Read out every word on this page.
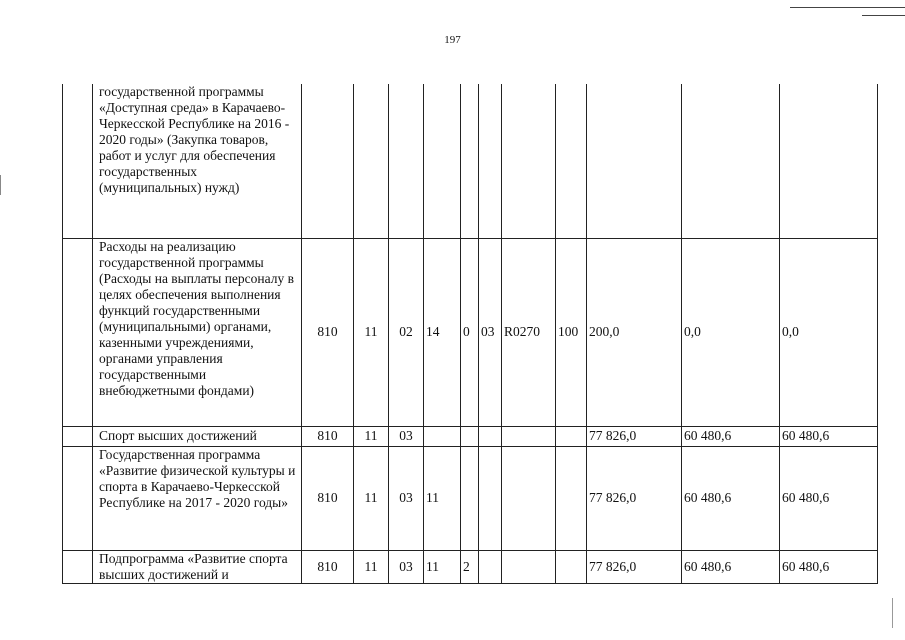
197
	государственной программы «Доступная среда» в Карачаево-Черкесской Республике на 2016 - 2020 годы» (Закупка товаров, работ и услуг для обеспечения государственных (муниципальных) нужд)											
	Расходы на реализацию государственной программы (Расходы на выплаты персоналу в целях обеспечения выполнения функций государственными (муниципальными) органами, казенными учреждениями, органами управления государственными внебюджетными фондами)	810	11	02	14	0	03	R0270	100	200,0	0,0	0,0
	Спорт высших достижений	810	11	03						77 826,0	60 480,6	60 480,6
	Государственная программа «Развитие физической культуры и спорта в Карачаево-Черкесской Республике на 2017 - 2020 годы»	810	11	03	11					77 826,0	60 480,6	60 480,6
	Подпрограмма «Развитие спорта высших достижений и	810	11	03	11	2				77 826,0	60 480,6	60 480,6
